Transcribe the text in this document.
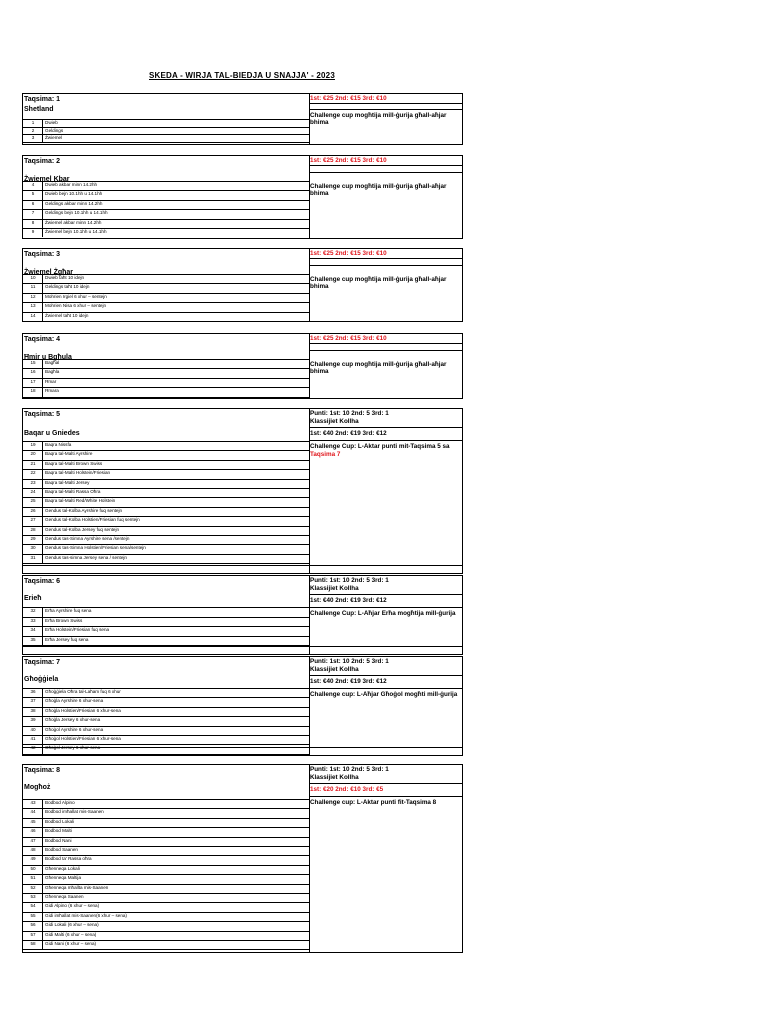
SKEDA - WIRJA TAL-BIEDJA U SNAJJA' - 2023
Taqsima: 1
Shetland
1st: €25 2nd: €15 3rd: €10
Challenge cup mogħtija mill-ġurija għall-aħjar bhima
1	Dwieb
2	Geldings
3	Żwiemel
Taqsima: 2
Żwiemel Kbar
1st: €25 2nd: €15 3rd: €10
Challenge cup mogħtija mill-ġurija għall-aħjar bhima
4	Dwieb akbar minn 14.2hh
5	Dwieb bejn 10.1hh u 14.1hh
6	Geldings akbar minn 14.2hh
7	Geldings bejn 10.1hh u 14.1hh
8	Żwiemel akbar minn 14.2hh
9	Żwiemel bejn 10.1hh u 14.1hh
Taqsima: 3
Żwiemel Żgħar
1st: €25 2nd: €15 3rd: €10
Challenge cup mogħtija mill-ġurija għall-aħjar bhima
10	Dwieb taħt 10 idejn
11	Geldings taħt 10 idejn
12	Mohrien Irgiel 6 xhur – sentejn
13	Mohrien Nisa 6 xhur – sentejn
14	Żwiemel taħt 10 idejn
Taqsima: 4
Ħmir u Bgħula
1st: €25 2nd: €15 3rd: €10
Challenge cup mogħtija mill-ġurija għall-aħjar bhima
15	Bagħal
16	Bagħla
17	Ħmar
18	Ħmara
Taqsima: 5
Baqar u Gniedes
Punti: 1st: 10 2nd: 5 3rd: 1
Klassijiet Kollha
1st: €40 2nd: €19 3rd: €12
Challenge Cup: L-Aktar punti mit-Taqsima 5 sa
Taqsima 7
19	Baqra Nissfa
20	Baqra tal-Malti Ayrshire
21	Baqra tal-Malti Brown Swiss
22	Baqra tal-Malti Holstein/Friesian
23	Baqra tal-Malti Jersey
24	Baqra tal-Malti Rassa Oħra
25	Baqra tal-Malti Red/White Holstein
26	Gendus tal-Kolba Ayrshire fuq sentejn
27	Gendus tal-Kolba Holstien/Friesian fuq sentejn
28	Gendus tal-Kolba Jersey fuq sentejn
29	Gendus tas-Simna Ayrshire sena /sentejn
30	Gendus tas-Simna Holstien/Friesian sena/sentejn
31	Gendus tas-simna Jersey sena / sentejn
Taqsima: 6
Erieħ
Punti: 1st: 10 2nd: 5 3rd: 1
Klassijiet Kollha
1st: €40 2nd: €19 3rd: €12
Challenge Cup: L-Aħjar Erħa mogħtija mill-ġurija
32	Erħa Ayrshire fuq sena
33	Erħa Brown Swiss
34	Erħa Holstein/Friesian fuq sena
35	Erħa Jersey fuq sena
Taqsima: 7
Għoġġiela
Punti: 1st: 10 2nd: 5 3rd: 1
Klassijiet Kollha
1st: €40 2nd: €19 3rd: €12
Challenge cup: L-Aħjar Għoġol mogħti mill-ġurija
36	Għoġġiela Oħra tal-Laħam fuq 6 xhur
37	Għoġla Ayrshire 6 xhur-sena
38	Għoġla Holstien/Friesian 6 xhur-sena
39	Għoġla Jersey 6 xhur-sena
40	Għoġol Ayrshire 6 xhur-sena
41	Għoġol Holstien/Friesian 6 xhur-sena
42	Għoġol Jersey 6 xhur-sena
Taqsima: 8
Mogħoż
Punti: 1st: 10 2nd: 5 3rd: 1
Klassijiet Kollha
1st: €20 2nd: €10 3rd: €5
Challenge cup: L-Aktar punti fit-Taqsima 8
43	Bodbod Alpino
44	Bodbod imħallat mis-Saanen
45	Bodbod Lokali
46	Bodbod Malti
47	Bodbod Nani
48	Bodbod Saanen
49	Bodbod ta' Rassa oħra
50	Għenneqa Lokali
51	Għenneqa Maltija
52	Għenneqa mħallta mis-Saanen
53	Għenneqa Saanen
54	Gidi Alpino (6 xhur – sena)
55	Gidi imħallat mis-Saanen(6 xhur – sena)
56	Gidi Lokali (6 xhur – sena)
57	Gidi Malti (6 xhur – sena)
58	Gidi Nani (6 xhur – sena)
